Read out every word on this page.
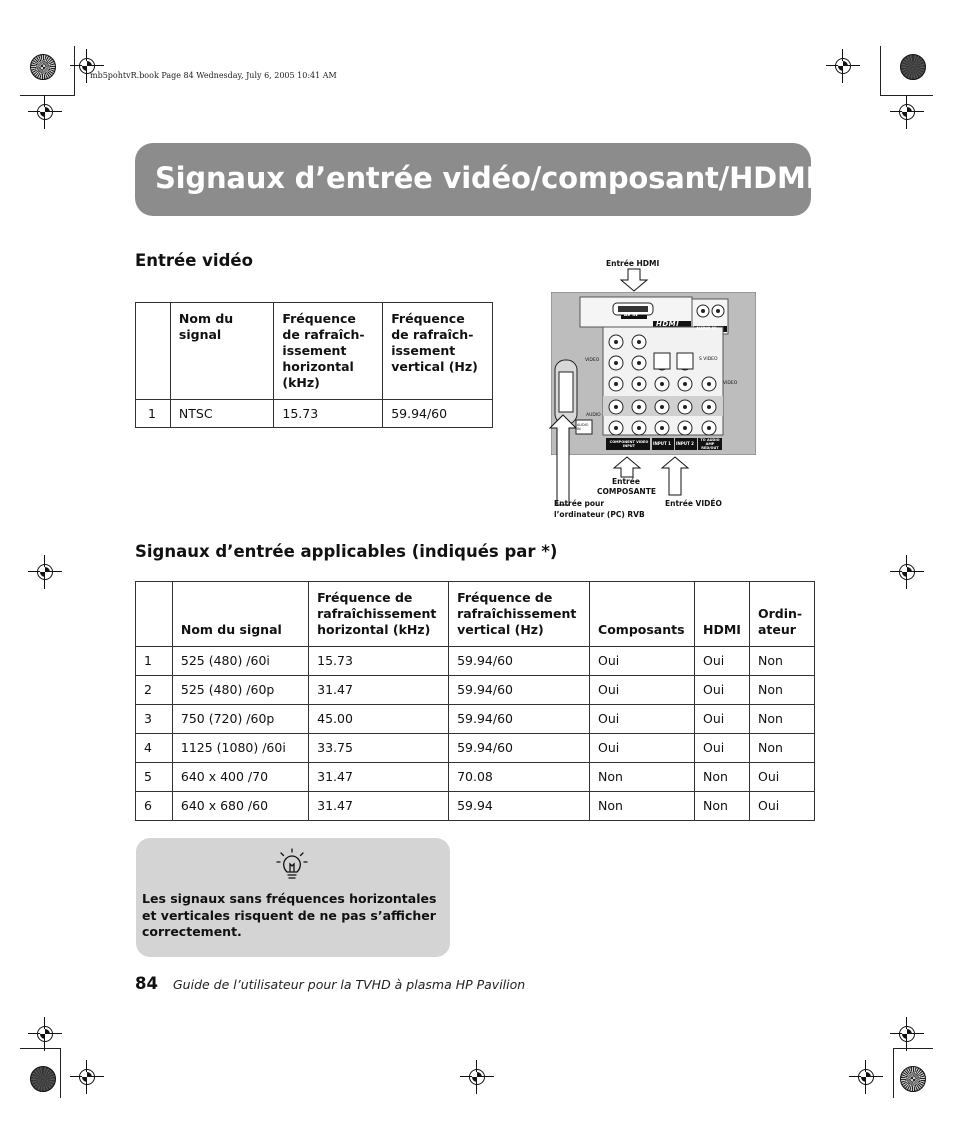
mb5pohtvR.book Page 84 Wednesday, July 6, 2005 10:41 AM
Signaux d’entrée vidéo/composant/HDMI
Entrée vidéo
	Nom du signal	Fréquence de rafraîch-issement horizontal (kHz)	Fréquence de rafraîch-issement vertical (Hz)
1	NTSC	15.73	59.94/60
Entrée HDMI
AV IN
HDMI
AUDIO IN
VIDEO	S VIDEO
VIDEO
AUDIO
AUDIO IN
COMPONENT VIDEO INPUT	INPUT 1 INPUT 2
TO AUDIO AMP RED/OUT
Entrée
COMPOSANTE
Entrée pour
l’ordinateur (PC) RVB
Entrée VIDÉO
Signaux d’entrée applicables (indiqués par *)
	Nom du signal	Fréquence de rafraîchissement horizontal (kHz)	Fréquence de rafraîchissement vertical (Hz)	Composants	HDMI	Ordin-ateur
1	525 (480) /60i	15.73	59.94/60	Oui	Oui	Non
2	525 (480) /60p	31.47	59.94/60	Oui	Oui	Non
3	750 (720) /60p	45.00	59.94/60	Oui	Oui	Non
4	1125 (1080) /60i	33.75	59.94/60	Oui	Oui	Non
5	640 x 400 /70	31.47	70.08	Non	Non	Oui
6	640 x 680 /60	31.47	59.94	Non	Non	Oui
Les signaux sans fréquences horizontales et verticales risquent de ne pas s’afficher correctement.
84 Guide de l’utilisateur pour la TVHD à plasma HP Pavilion
